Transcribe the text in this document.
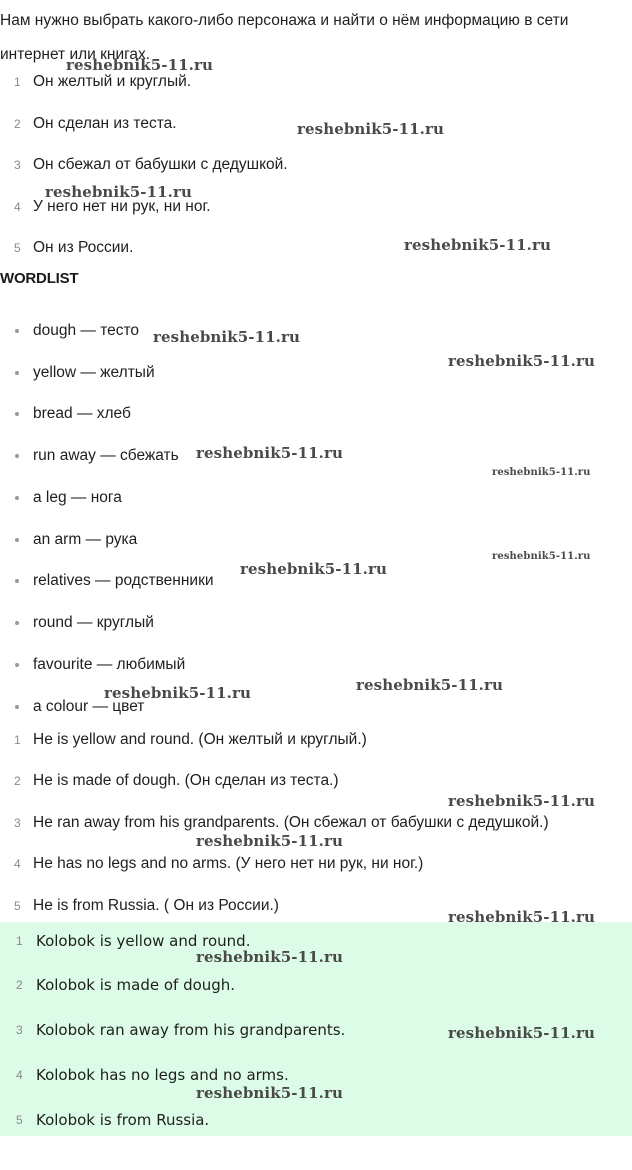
Нам нужно выбрать какого-либо персонажа и найти о нём информацию в сети интернет или книгах.
1 Он желтый и круглый.
2 Он сделан из теста.
3 Он сбежал от бабушки с дедушкой.
4 У него нет ни рук, ни ног.
5 Он из России.
WORDLIST
dough — тесто
yellow — желтый
bread — хлеб
run away — сбежать
a leg — нога
an arm — рука
relatives — родственники
round — круглый
favourite — любимый
a colour — цвет
1 He is yellow and round. (Он желтый и круглый.)
2 He is made of dough. (Он сделан из теста.)
3 He ran away from his grandparents. (Он сбежал от бабушки с дедушкой.)
4 He has no legs and no arms. (У него нет ни рук, ни ног.)
5 He is from Russia. ( Он из России.)
1 Kolobok is yellow and round.
2 Kolobok is made of dough.
3 Kolobok ran away from his grandparents.
4 Kolobok has no legs and no arms.
5 Kolobok is from Russia.
reshebnik5-11.ru
reshebnik5-11.ru
reshebnik5-11.ru
reshebnik5-11.ru
reshebnik5-11.ru
reshebnik5-11.ru
reshebnik5-11.ru
reshebnik5-11.ru
reshebnik5-11.ru
reshebnik5-11.ru
reshebnik5-11.ru
reshebnik5-11.ru
reshebnik5-11.ru
reshebnik5-11.ru
reshebnik5-11.ru
reshebnik5-11.ru
reshebnik5-11.ru
reshebnik5-11.ru
